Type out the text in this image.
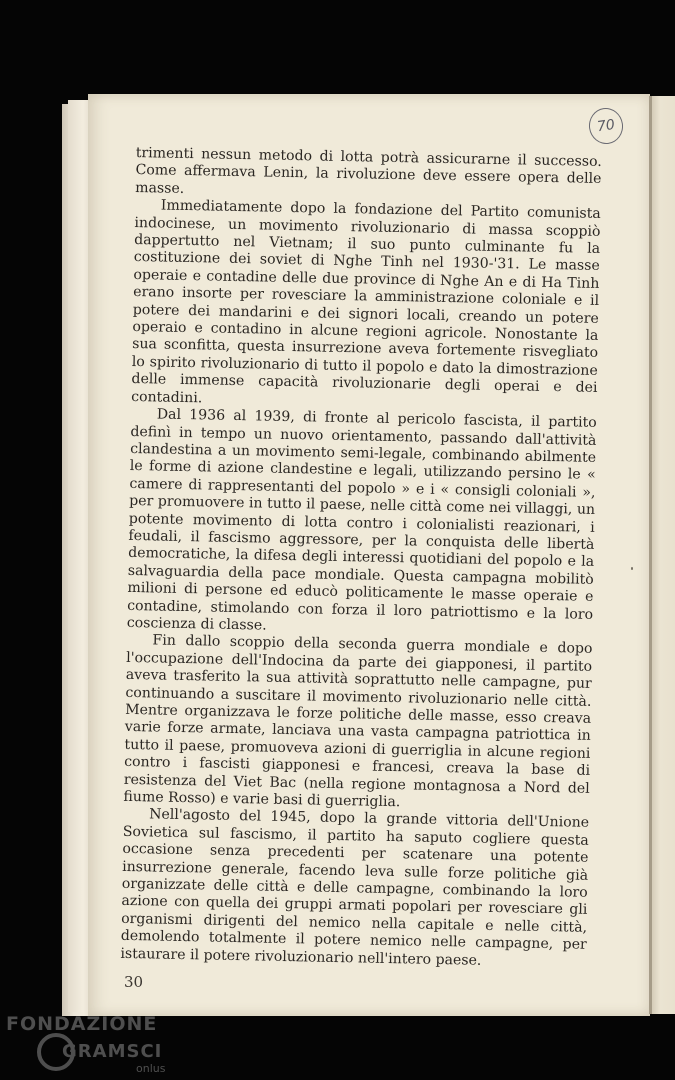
70

trimenti nessun metodo di lotta potrà assicurarne il successo. Come affermava Lenin, la rivoluzione deve essere opera delle masse.

Immediatamente dopo la fondazione del Partito comunista indocinese, un movimento rivoluzionario di massa scoppiò dappertutto nel Vietnam; il suo punto culminante fu la costituzione dei soviet di Nghe Tinh nel 1930-'31. Le masse operaie e contadine delle due province di Nghe An e di Ha Tinh erano insorte per rovesciare la amministrazione coloniale e il potere dei mandarini e dei signori locali, creando un potere operaio e contadino in alcune regioni agricole. Nonostante la sua sconfitta, questa insurrezione aveva fortemente risvegliato lo spirito rivoluzionario di tutto il popolo e dato la dimostrazione delle immense capacità rivoluzionarie degli operai e dei contadini.

Dal 1936 al 1939, di fronte al pericolo fascista, il partito definì in tempo un nuovo orientamento, passando dall'attività clandestina a un movimento semi-legale, combinando abilmente le forme di azione clandestine e legali, utilizzando persino le « camere di rappresentanti del popolo » e i « consigli coloniali », per promuovere in tutto il paese, nelle città come nei villaggi, un potente movimento di lotta contro i colonialisti reazionari, i feudali, il fascismo aggressore, per la conquista delle libertà democratiche, la difesa degli interessi quotidiani del popolo e la salvaguardia della pace mondiale. Questa campagna mobilitò milioni di persone ed educò politicamente le masse operaie e contadine, stimolando con forza il loro patriottismo e la loro coscienza di classe.

Fin dallo scoppio della seconda guerra mondiale e dopo l'occupazione dell'Indocina da parte dei giapponesi, il partito aveva trasferito la sua attività soprattutto nelle campagne, pur continuando a suscitare il movimento rivoluzionario nelle città. Mentre organizzava le forze politiche delle masse, esso creava varie forze armate, lanciava una vasta campagna patriottica in tutto il paese, promuoveva azioni di guerriglia in alcune regioni contro i fascisti giapponesi e francesi, creava la base di resistenza del Viet Bac (nella regione montagnosa a Nord del fiume Rosso) e varie basi di guerriglia.

Nell'agosto del 1945, dopo la grande vittoria dell'Unione Sovietica sul fascismo, il partito ha saputo cogliere questa occasione senza precedenti per scatenare una potente insurrezione generale, facendo leva sulle forze politiche già organizzate delle città e delle campagne, combinando la loro azione con quella dei gruppi armati popolari per rovesciare gli organismi dirigenti del nemico nella capitale e nelle città, demolendo totalmente il potere nemico nelle campagne, per istaurare il potere rivoluzionario nell'intero paese.

30
FONDAZIONE
GRAMSCI
onlus
